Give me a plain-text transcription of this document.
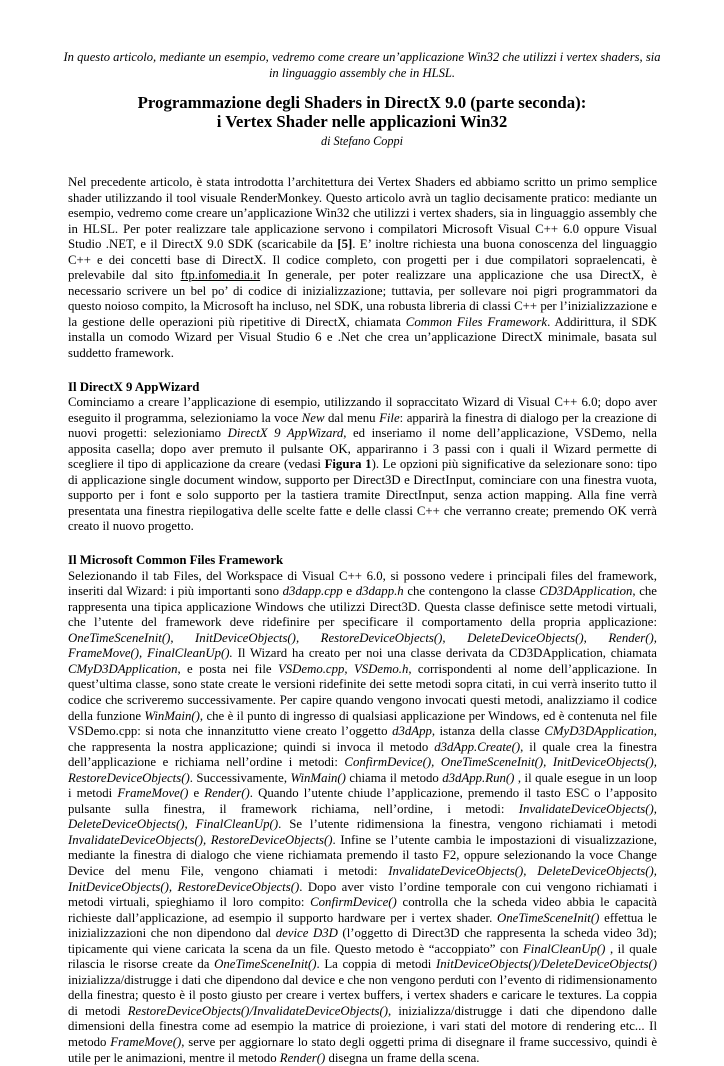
In questo articolo, mediante un esempio, vedremo come creare un’applicazione Win32 che utilizzi i vertex shaders, sia in linguaggio assembly che in HLSL.
Programmazione degli Shaders in DirectX 9.0 (parte seconda):
i Vertex Shader nelle applicazioni Win32
di Stefano Coppi

Nel precedente articolo, è stata introdotta l’architettura dei Vertex Shaders ed abbiamo scritto un primo semplice shader utilizzando il tool visuale RenderMonkey. Questo articolo avrà un taglio decisamente pratico: mediante un esempio, vedremo come creare un’applicazione Win32 che utilizzi i vertex shaders, sia in linguaggio assembly che in HLSL. Per poter realizzare tale applicazione servono i compilatori Microsoft Visual C++ 6.0 oppure Visual Studio .NET, e il DirectX 9.0 SDK (scaricabile da [5]. E’ inoltre richiesta una buona conoscenza del linguaggio C++ e dei concetti base di DirectX. Il codice completo, con progetti per i due compilatori sopraelencati, è prelevabile dal sito ftp.infomedia.it In generale, per poter realizzare una applicazione che usa DirectX, è necessario scrivere un bel po’ di codice di inizializzazione; tuttavia, per sollevare noi pigri programmatori da questo noioso compito, la Microsoft ha incluso, nel SDK, una robusta libreria di classi C++ per l’inizializzazione e la gestione delle operazioni più ripetitive di DirectX, chiamata Common Files Framework. Addirittura, il SDK installa un comodo Wizard per Visual Studio 6 e .Net che crea un’applicazione DirectX minimale, basata sul suddetto framework.

Il DirectX 9 AppWizard

Cominciamo a creare l’applicazione di esempio, utilizzando il sopraccitato Wizard di Visual C++ 6.0; dopo aver eseguito il programma, selezioniamo la voce New dal menu File: apparirà la finestra di dialogo per la creazione di nuovi progetti: selezioniamo DirectX 9 AppWizard, ed inseriamo il nome dell’applicazione, VSDemo, nella apposita casella; dopo aver premuto il pulsante OK, appariranno i 3 passi con i quali il Wizard permette di scegliere il tipo di applicazione da creare (vedasi Figura 1). Le opzioni più significative da selezionare sono: tipo di applicazione single document window, supporto per Direct3D e DirectInput, cominciare con una finestra vuota, supporto per i font e solo supporto per la tastiera tramite DirectInput, senza action mapping. Alla fine verrà presentata una finestra riepilogativa delle scelte fatte e delle classi C++ che verranno create; premendo OK verrà creato il nuovo progetto.

Il Microsoft Common Files Framework

Selezionando il tab Files, del Workspace di Visual C++ 6.0, si possono vedere i principali files del framework, inseriti dal Wizard: i più importanti sono d3dapp.cpp e d3dapp.h che contengono la classe CD3DApplication, che rappresenta una tipica applicazione Windows che utilizzi Direct3D. Questa classe definisce sette metodi virtuali, che l’utente del framework deve ridefinire per specificare il comportamento della propria applicazione: OneTimeSceneInit(), InitDeviceObjects(), RestoreDeviceObjects(), DeleteDeviceObjects(), Render(), FrameMove(), FinalCleanUp(). Il Wizard ha creato per noi una classe derivata da CD3DApplication, chiamata CMyD3DApplication, e posta nei file VSDemo.cpp, VSDemo.h, corrispondenti al nome dell’applicazione. In quest’ultima classe, sono state create le versioni ridefinite dei sette metodi sopra citati, in cui verrà inserito tutto il codice che scriveremo successivamente. Per capire quando vengono invocati questi metodi, analizziamo il codice della funzione WinMain(), che è il punto di ingresso di qualsiasi applicazione per Windows, ed è contenuta nel file VSDemo.cpp: si nota che innanzitutto viene creato l’oggetto d3dApp, istanza della classe CMyD3DApplication, che rappresenta la nostra applicazione; quindi si invoca il metodo d3dApp.Create(), il quale crea la finestra dell’applicazione e richiama nell’ordine i metodi: ConfirmDevice(), OneTimeSceneInit(), InitDeviceObjects(), RestoreDeviceObjects(). Successivamente, WinMain() chiama il metodo d3dApp.Run() , il quale esegue in un loop i metodi FrameMove() e Render(). Quando l’utente chiude l’applicazione, premendo il tasto ESC o l’apposito pulsante sulla finestra, il framework richiama, nell’ordine, i metodi: InvalidateDeviceObjects(), DeleteDeviceObjects(), FinalCleanUp(). Se l’utente ridimensiona la finestra, vengono richiamati i metodi InvalidateDeviceObjects(), RestoreDeviceObjects(). Infine se l’utente cambia le impostazioni di visualizzazione, mediante la finestra di dialogo che viene richiamata premendo il tasto F2, oppure selezionando la voce Change Device del menu File, vengono chiamati i metodi: InvalidateDeviceObjects(), DeleteDeviceObjects(), InitDeviceObjects(), RestoreDeviceObjects(). Dopo aver visto l’ordine temporale con cui vengono richiamati i metodi virtuali, spieghiamo il loro compito: ConfirmDevice() controlla che la scheda video abbia le capacità richieste dall’applicazione, ad esempio il supporto hardware per i vertex shader. OneTimeSceneInit() effettua le inizializzazioni che non dipendono dal device D3D (l’oggetto di Direct3D che rappresenta la scheda video 3d); tipicamente qui viene caricata la scena da un file. Questo metodo è “accoppiato” con FinalCleanUp() , il quale rilascia le risorse create da OneTimeSceneInit(). La coppia di metodi InitDeviceObjects()/DeleteDeviceObjects() inizializza/distrugge i dati che dipendono dal device e che non vengono perduti con l’evento di ridimensionamento della finestra; questo è il posto giusto per creare i vertex buffers, i vertex shaders e caricare le textures. La coppia di metodi RestoreDeviceObjects()/InvalidateDeviceObjects(), inizializza/distrugge i dati che dipendono dalle dimensioni della finestra come ad esempio la matrice di proiezione, i vari stati del motore di rendering etc... Il metodo FrameMove(), serve per aggiornare lo stato degli oggetti prima di disegnare il frame successivo, quindi è utile per le animazioni, mentre il metodo Render() disegna un frame della scena.
